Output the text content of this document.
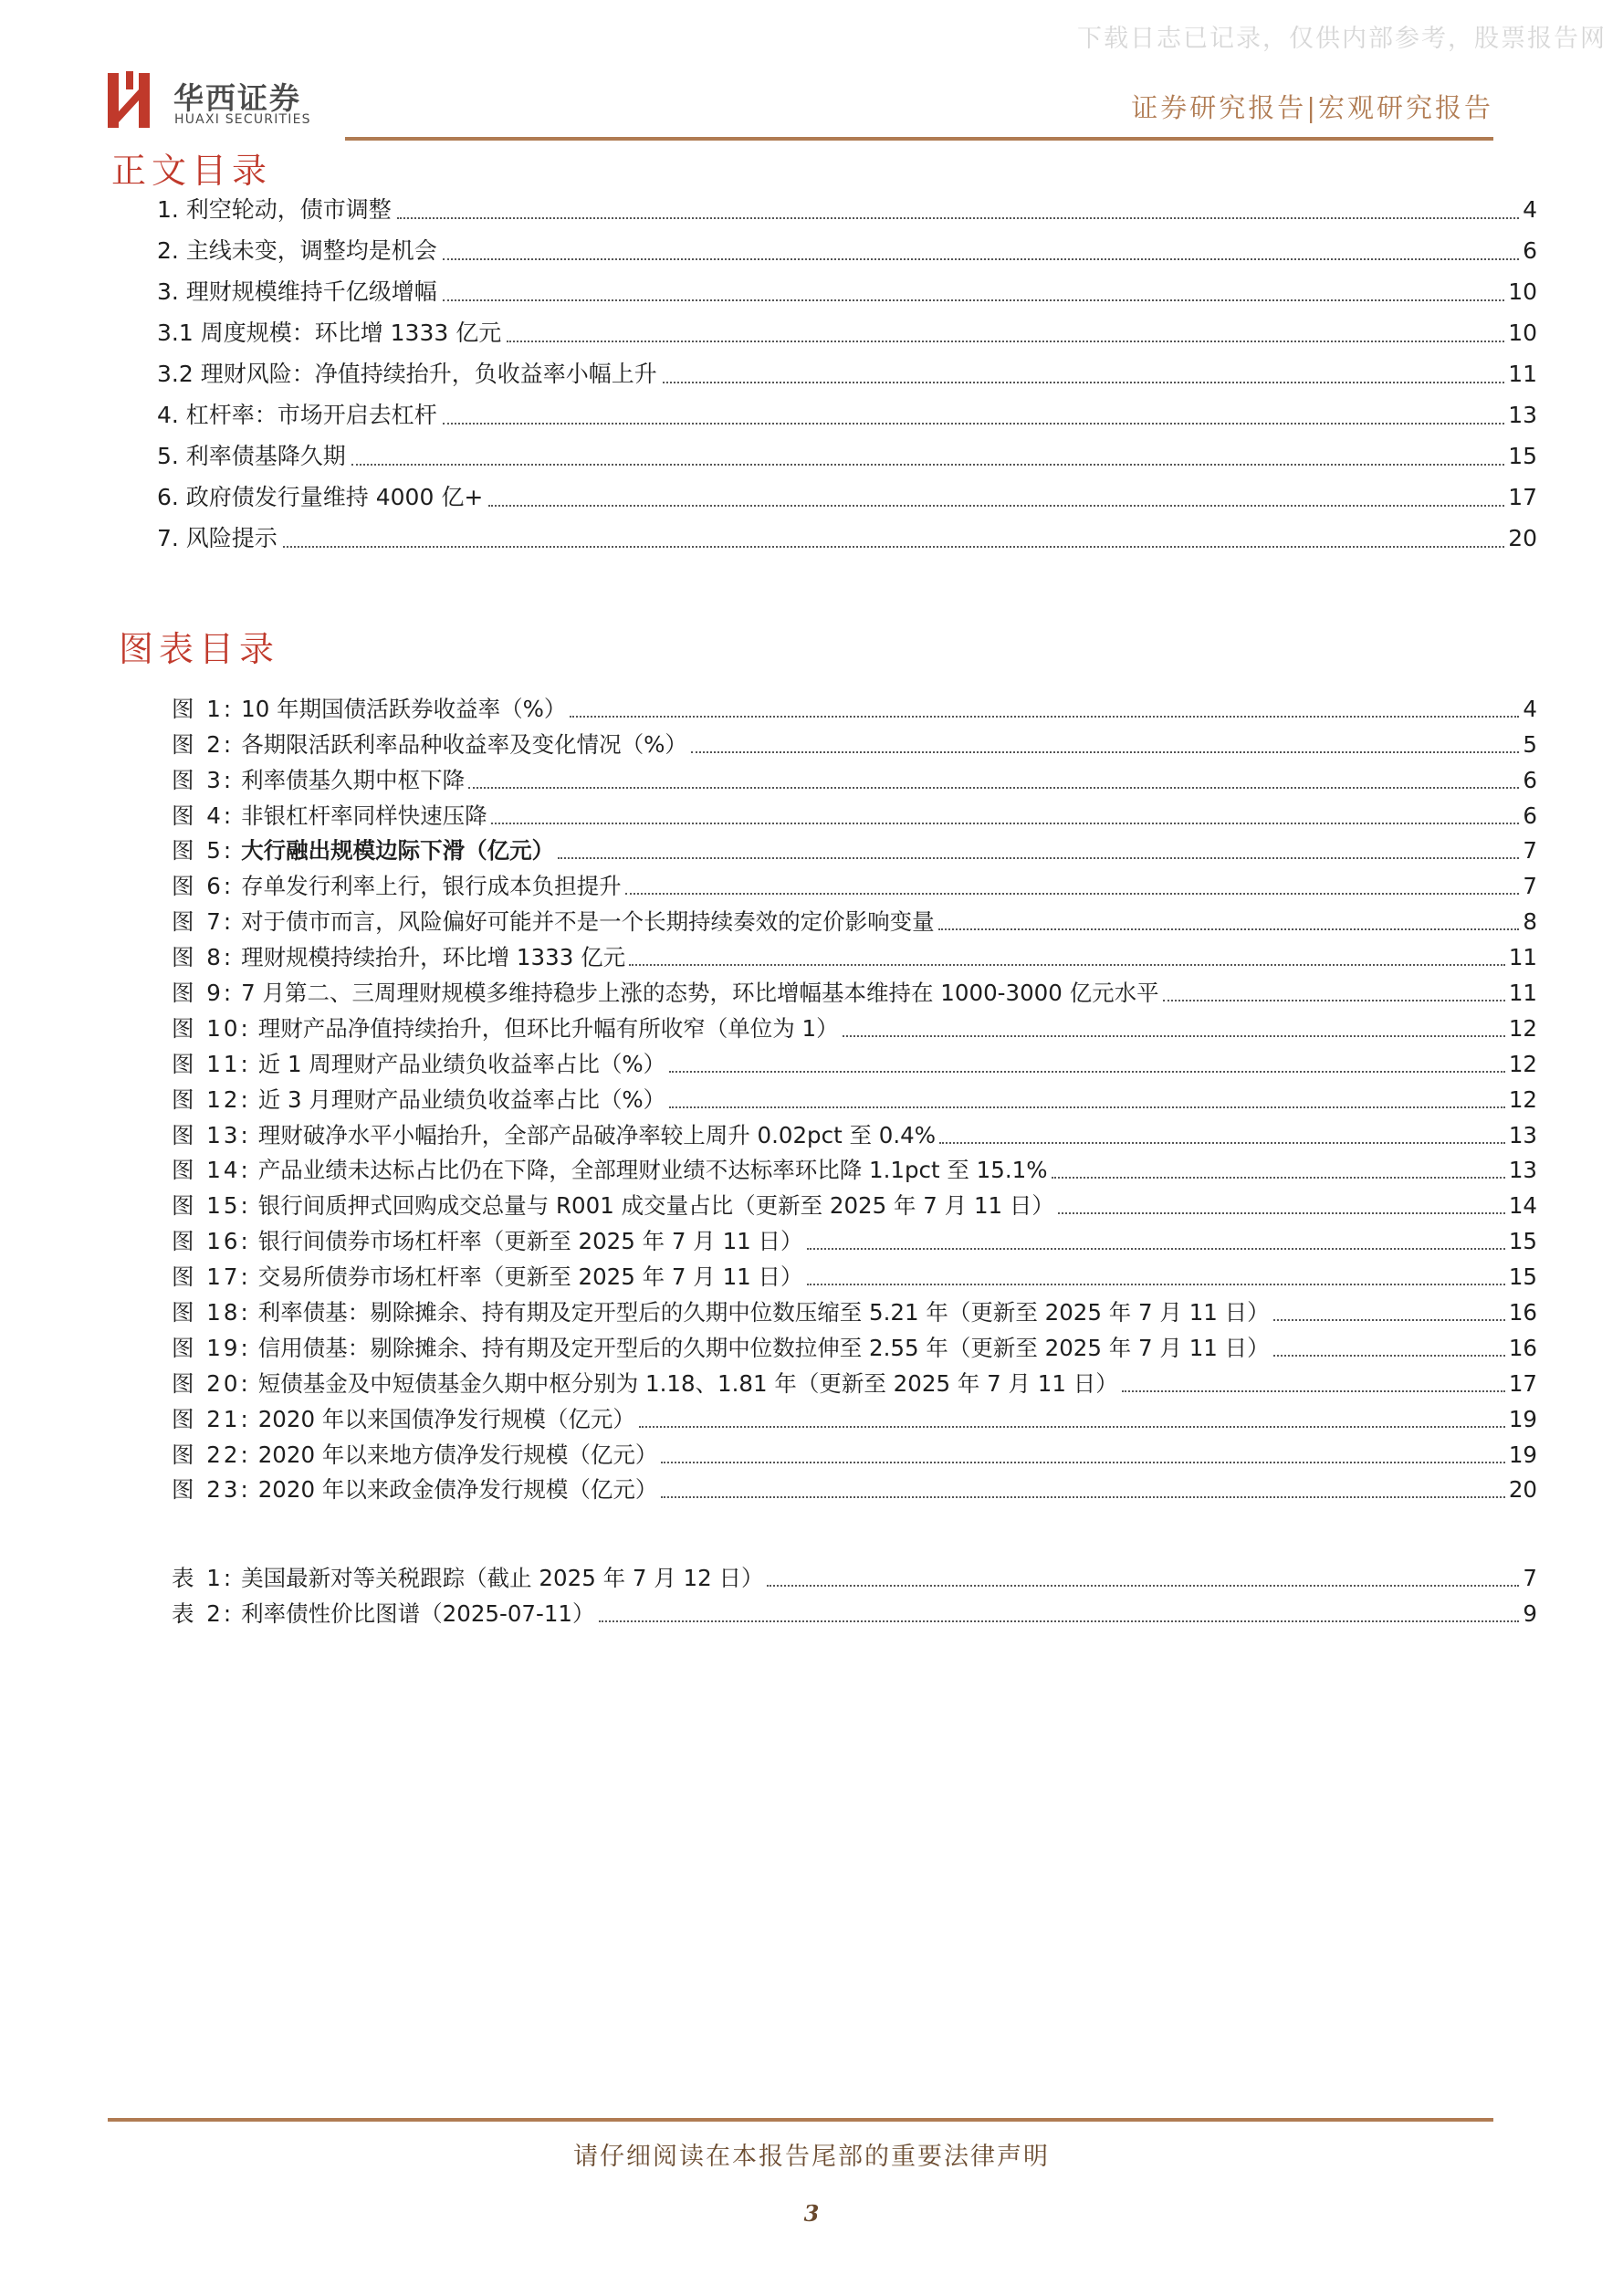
下载日志已记录，仅供内部参考，股票报告网
华西证券
HUAXI SECURITIES	证券研究报告|宏观研究报告
正文目录
1. 利空轮动，债市调整	4
2. 主线未变，调整均是机会	6
3. 理财规模维持千亿级增幅	10
3.1 周度规模：环比增 1333 亿元	10
3.2 理财风险：净值持续抬升，负收益率小幅上升	11
4. 杠杆率：市场开启去杠杆	13
5. 利率债基降久期	15
6. 政府债发行量维持 4000 亿+	17
7. 风险提示	20
图表目录
图 1: 10 年期国债活跃券收益率（%）	4
图 2: 各期限活跃利率品种收益率及变化情况（%）	5
图 3: 利率债基久期中枢下降	6
图 4: 非银杠杆率同样快速压降	6
图 5: 大行融出规模边际下滑（亿元）	7
图 6: 存单发行利率上行，银行成本负担提升	7
图 7: 对于债市而言，风险偏好可能并不是一个长期持续奏效的定价影响变量	8
图 8: 理财规模持续抬升，环比增 1333 亿元	11
图 9: 7 月第二、三周理财规模多维持稳步上涨的态势，环比增幅基本维持在 1000-3000 亿元水平	11
图 10: 理财产品净值持续抬升，但环比升幅有所收窄（单位为 1）	12
图 11: 近 1 周理财产品业绩负收益率占比（%）	12
图 12: 近 3 月理财产品业绩负收益率占比（%）	12
图 13: 理财破净水平小幅抬升，全部产品破净率较上周升 0.02pct 至 0.4%	13
图 14: 产品业绩未达标占比仍在下降，全部理财业绩不达标率环比降 1.1pct 至 15.1%	13
图 15: 银行间质押式回购成交总量与 R001 成交量占比（更新至 2025 年 7 月 11 日）	14
图 16: 银行间债券市场杠杆率（更新至 2025 年 7 月 11 日）	15
图 17: 交易所债券市场杠杆率（更新至 2025 年 7 月 11 日）	15
图 18: 利率债基：剔除摊余、持有期及定开型后的久期中位数压缩至 5.21 年（更新至 2025 年 7 月 11 日）	16
图 19: 信用债基：剔除摊余、持有期及定开型后的久期中位数拉伸至 2.55 年（更新至 2025 年 7 月 11 日）	16
图 20: 短债基金及中短债基金久期中枢分别为 1.18、1.81 年（更新至 2025 年 7 月 11 日）	17
图 21: 2020 年以来国债净发行规模（亿元）	19
图 22: 2020 年以来地方债净发行规模（亿元）	19
图 23: 2020 年以来政金债净发行规模（亿元）	20
表 1: 美国最新对等关税跟踪（截止 2025 年 7 月 12 日）	7
表 2: 利率债性价比图谱（2025-07-11）	9
请仔细阅读在本报告尾部的重要法律声明
3
